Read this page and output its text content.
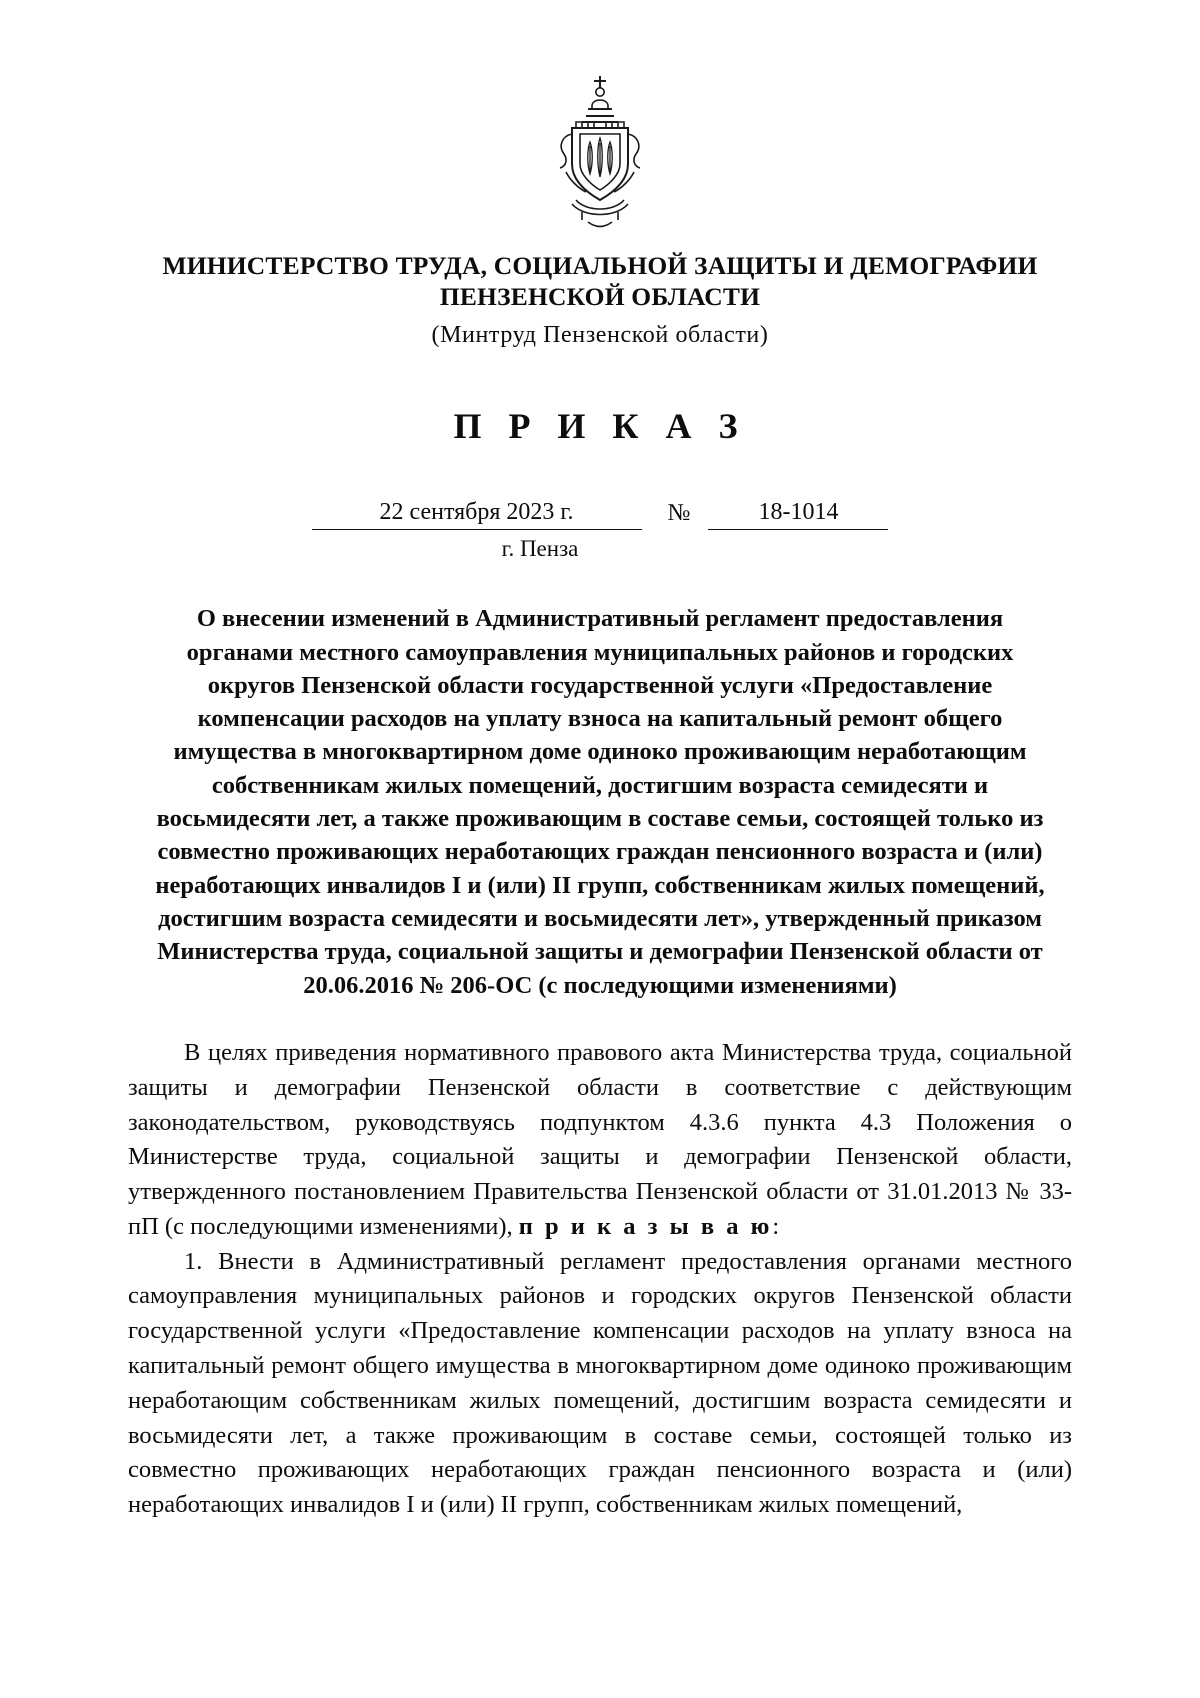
МИНИСТЕРСТВО ТРУДА, СОЦИАЛЬНОЙ ЗАЩИТЫ И ДЕМОГРАФИИ ПЕНЗЕНСКОЙ ОБЛАСТИ
(Минтруд Пензенской области)
П Р И К А З
22 сентября 2023 г.	№	18-1014
г. Пенза
О внесении изменений в Административный регламент предоставления органами местного самоуправления муниципальных районов и городских округов Пензенской области государственной услуги «Предоставление компенсации расходов на уплату взноса на капитальный ремонт общего имущества в многоквартирном доме одиноко проживающим неработающим собственникам жилых помещений, достигшим возраста семидесяти и восьмидесяти лет, а также проживающим в составе семьи, состоящей только из совместно проживающих неработающих граждан пенсионного возраста и (или) неработающих инвалидов I и (или) II групп, собственникам жилых помещений, достигшим возраста семидесяти и восьмидесяти лет», утвержденный приказом Министерства труда, социальной защиты и демографии Пензенской области от 20.06.2016 № 206-ОС (с последующими изменениями)

В целях приведения нормативного правового акта Министерства труда, социальной защиты и демографии Пензенской области в соответствие с действующим законодательством, руководствуясь подпунктом 4.3.6 пункта 4.3 Положения о Министерстве труда, социальной защиты и демографии Пензенской области, утвержденного постановлением Правительства Пензенской области от 31.01.2013 № 33-пП (с последующими изменениями), п р и к а з ы в а ю:

1. Внести в Административный регламент предоставления органами местного самоуправления муниципальных районов и городских округов Пензенской области государственной услуги «Предоставление компенсации расходов на уплату взноса на капитальный ремонт общего имущества в многоквартирном доме одиноко проживающим неработающим собственникам жилых помещений, достигшим возраста семидесяти и восьмидесяти лет, а также проживающим в составе семьи, состоящей только из совместно проживающих неработающих граждан пенсионного возраста и (или) неработающих инвалидов I и (или) II групп, собственникам жилых помещений,
